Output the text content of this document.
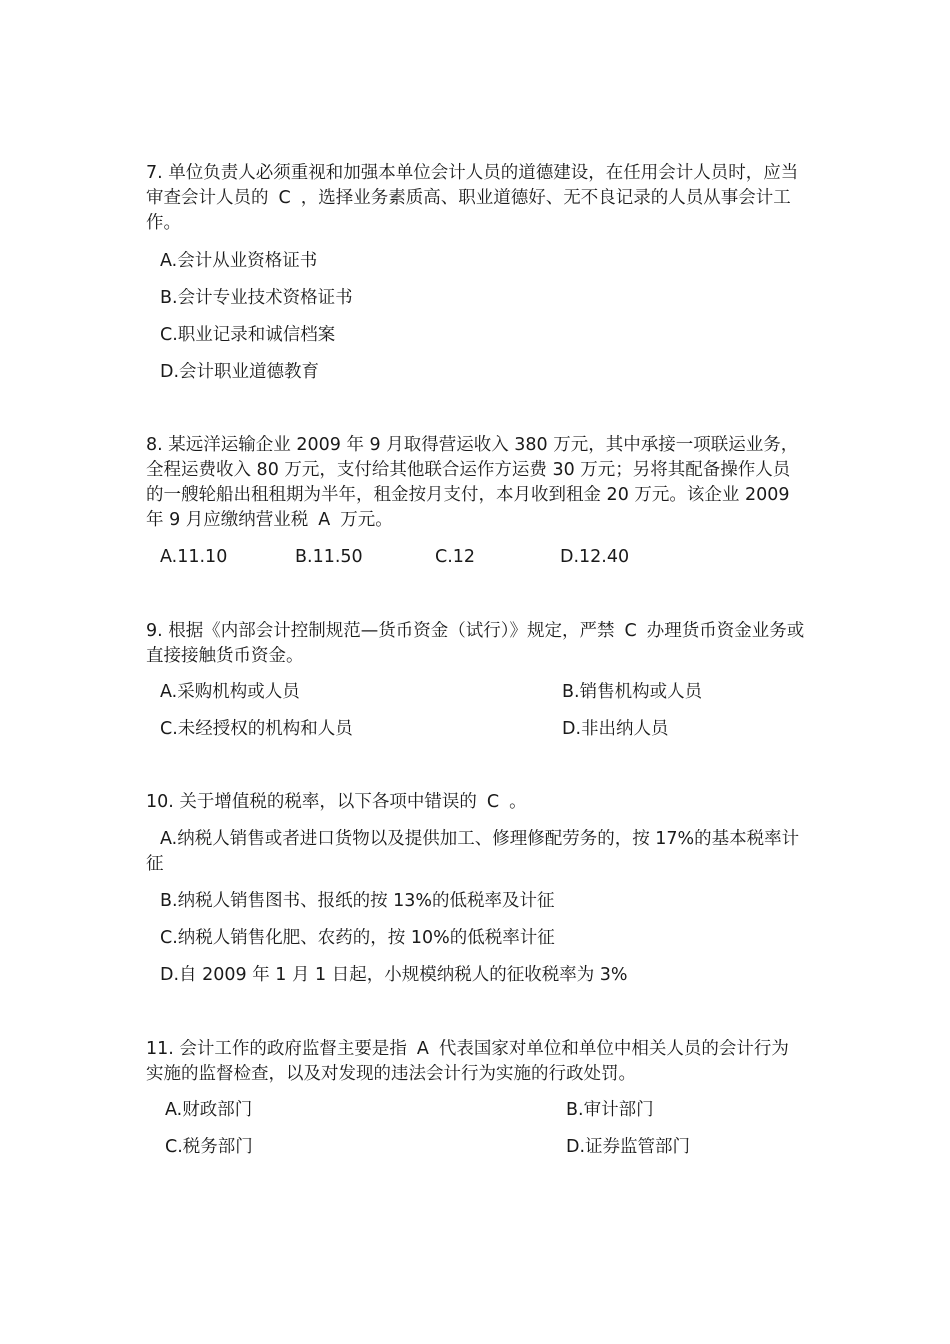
7. 单位负责人必须重视和加强本单位会计人员的道德建设，在任用会计人员时，应当审查会计人员的 C ，选择业务素质高、职业道德好、无不良记录的人员从事会计工作。

A.会计从业资格证书
B.会计专业技术资格证书
C.职业记录和诚信档案
D.会计职业道德教育

8. 某远洋运输企业 2009 年 9 月取得营运收入 380 万元，其中承接一项联运业务，全程运费收入 80 万元，支付给其他联合运作方运费 30 万元；另将其配备操作人员的一艘轮船出租租期为半年，租金按月支付，本月收到租金 20 万元。该企业 2009 年 9 月应缴纳营业税 A 万元。

A.11.10	B.11.50	C.12	D.12.40

9. 根据《内部会计控制规范—货币资金（试行）》规定，严禁 C 办理货币资金业务或直接接触货币资金。

A.采购机构或人员	B.销售机构或人员
C.未经授权的机构和人员	D.非出纳人员

10. 关于增值税的税率，以下各项中错误的 C 。

A.纳税人销售或者进口货物以及提供加工、修理修配劳务的，按 17%的基本税率计征

B.纳税人销售图书、报纸的按 13%的低税率及计征
C.纳税人销售化肥、农药的，按 10%的低税率计征
D.自 2009 年 1 月 1 日起，小规模纳税人的征收税率为 3%

11. 会计工作的政府监督主要是指 A 代表国家对单位和单位中相关人员的会计行为实施的监督检查，以及对发现的违法会计行为实施的行政处罚。

A.财政部门	B.审计部门
C.税务部门	D.证券监管部门
